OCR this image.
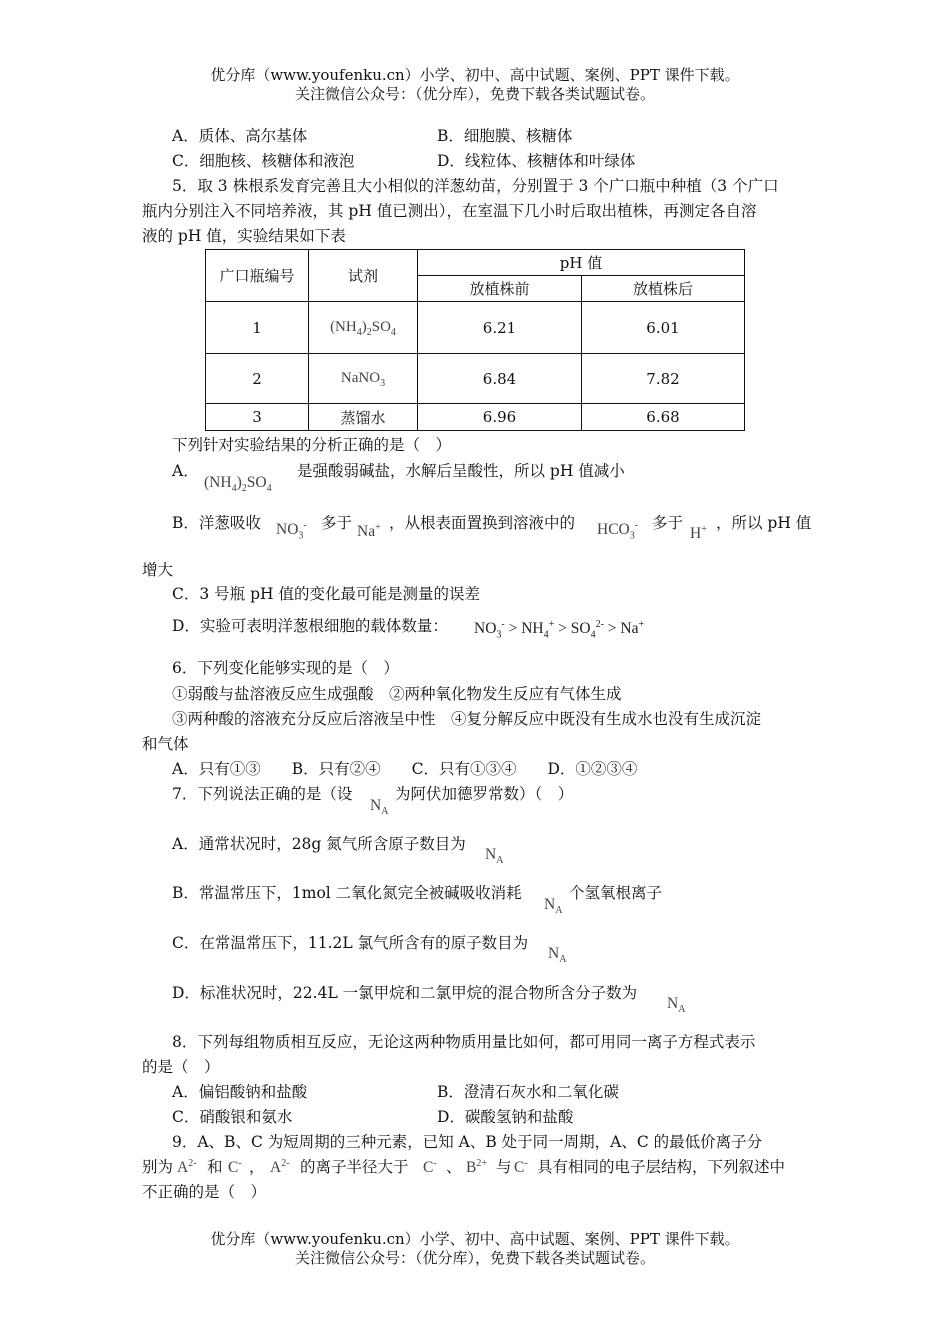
优分库（www.youfenku.cn）小学、初中、高中试题、案例、PPT 课件下载。
关注微信公众号：（优分库），免费下载各类试题试卷。
A．质体、高尔基体	B．细胞膜、核糖体
C．细胞核、核糖体和液泡	D．线粒体、核糖体和叶绿体
5．取 3 株根系发育完善且大小相似的洋葱幼苗，分别置于 3 个广口瓶中种植（3 个广口
瓶内分别注入不同培养液，其 pH 值已测出），在室温下几小时后取出植株，再测定各自溶
液的 pH 值，实验结果如下表
广口瓶编号	试剂	pH 值	
		放植株前	放植株后
1	$(NH_4)_2SO_4$	6.21	6.01
2	NaNO$_3$	6.84	7.82
3	蒸馏水	6.96	6.68
下列针对实验结果的分析正确的是（　）
A．
$(NH_4)_2SO_4$
是强酸弱碱盐，水解后呈酸性，所以 pH 值减小
B．洋葱吸收 $NO_3^-$ 多于 Na+ ，从根表面置换到溶液中的 $HCO_3^-$ 多于
H+ ，所以 pH 值
增大
C．3 号瓶 pH 值的变化最可能是测量的误差
D．实验可表明洋葱根细胞的载体数量： $NO_3^- > NH_4^+ > SO_4^{2-} > Na^+$
6．下列变化能够实现的是（　）
①弱酸与盐溶液反应生成强酸　②两种氧化物发生反应有气体生成
③两种酸的溶液充分反应后溶液呈中性　④复分解反应中既没有生成水也没有生成沉淀
和气体
A．只有①③　　B．只有②④　　C．只有①③④　　D．①②③④
7．下列说法正确的是（设
$N_A$
为阿伏加德罗常数）（　）
A．通常状况时，28g 氮气所含原子数目为
$N_A$
B．常温常压下，1mol 二氧化氮完全被碱吸收消耗
$N_A$
个氢氧根离子
C．在常温常压下，11.2L 氯气所含有的原子数目为
$N_A$
D．标准状况时，22.4L 一氯甲烷和二氯甲烷的混合物所含分子数为
$N_A$
8．下列每组物质相互反应，无论这两种物质用量比如何，都可用同一离子方程式表示
的是（　）
A．偏铝酸钠和盐酸	B．澄清石灰水和二氧化碳
C．硝酸银和氨水	D．碳酸氢钠和盐酸
9．A、B、C 为短周期的三种元素，已知 A、B 处于同一周期，A、C 的最低价离子分
别为 $A^{2-}$ 和 C- ， $A^{2-}$ 的离子半径大于 C- 、 $B^{2+}$ 与 C- 具有相同的电子层结构，下列叙述中
不正确的是（　）
优分库（www.youfenku.cn）小学、初中、高中试题、案例、PPT 课件下载。
关注微信公众号：（优分库），免费下载各类试题试卷。
